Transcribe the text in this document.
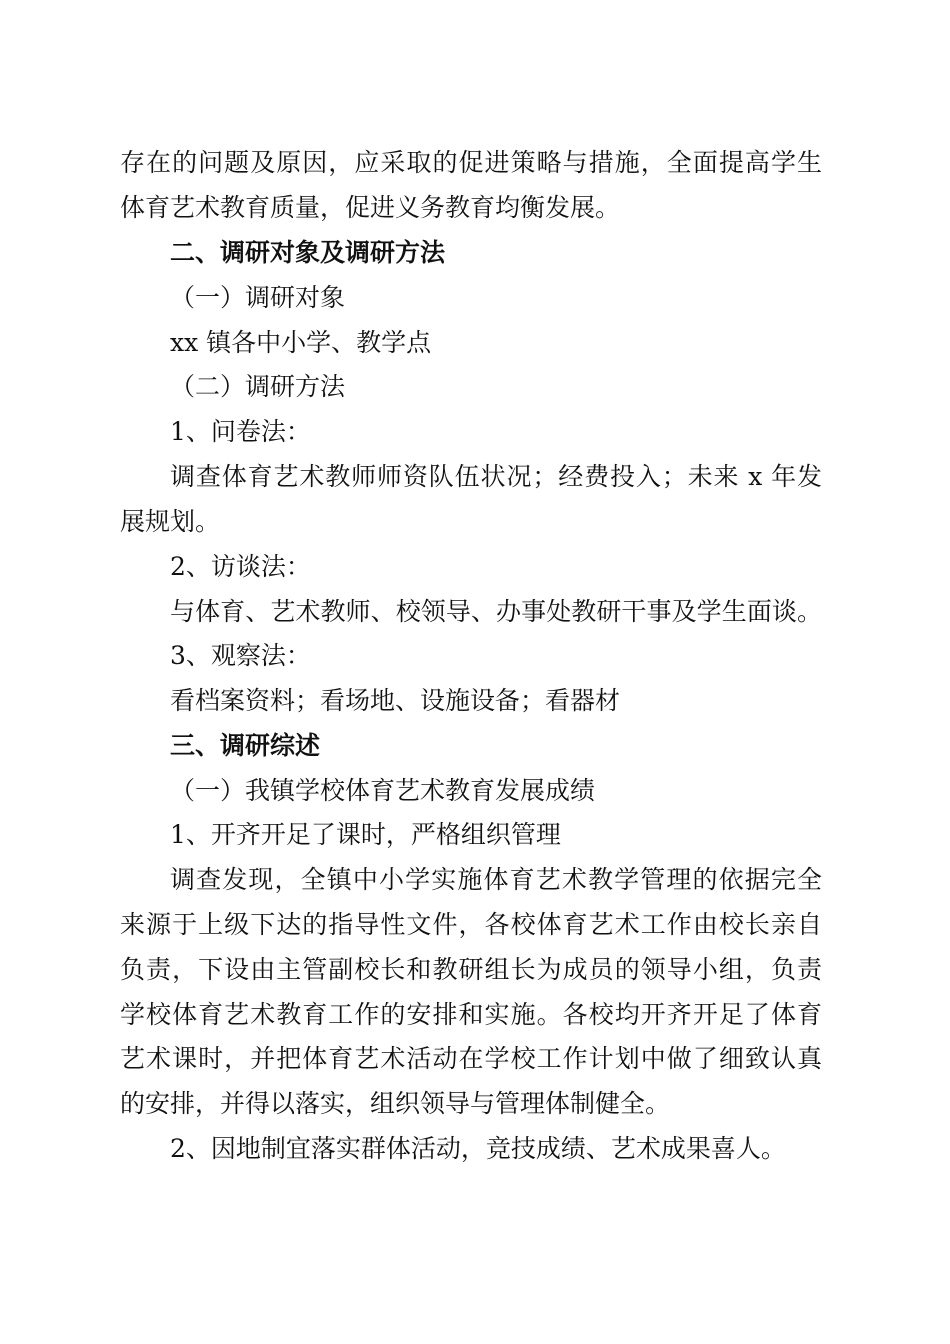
存在的问题及原因，应采取的促进策略与措施，全面提高学生

体育艺术教育质量，促进义务教育均衡发展。

二、调研对象及调研方法

（一）调研对象

xx 镇各中小学、教学点

（二）调研方法

1、问卷法：

调查体育艺术教师师资队伍状况；经费投入；未来 x 年发

展规划。

2、访谈法：

与体育、艺术教师、校领导、办事处教研干事及学生面谈。

3、观察法：

看档案资料；看场地、设施设备；看器材

三、调研综述

（一）我镇学校体育艺术教育发展成绩

1、开齐开足了课时，严格组织管理

调查发现，全镇中小学实施体育艺术教学管理的依据完全

来源于上级下达的指导性文件，各校体育艺术工作由校长亲自

负责，下设由主管副校长和教研组长为成员的领导小组，负责

学校体育艺术教育工作的安排和实施。各校均开齐开足了体育

艺术课时，并把体育艺术活动在学校工作计划中做了细致认真

的安排，并得以落实，组织领导与管理体制健全。

2、因地制宜落实群体活动，竞技成绩、艺术成果喜人。
